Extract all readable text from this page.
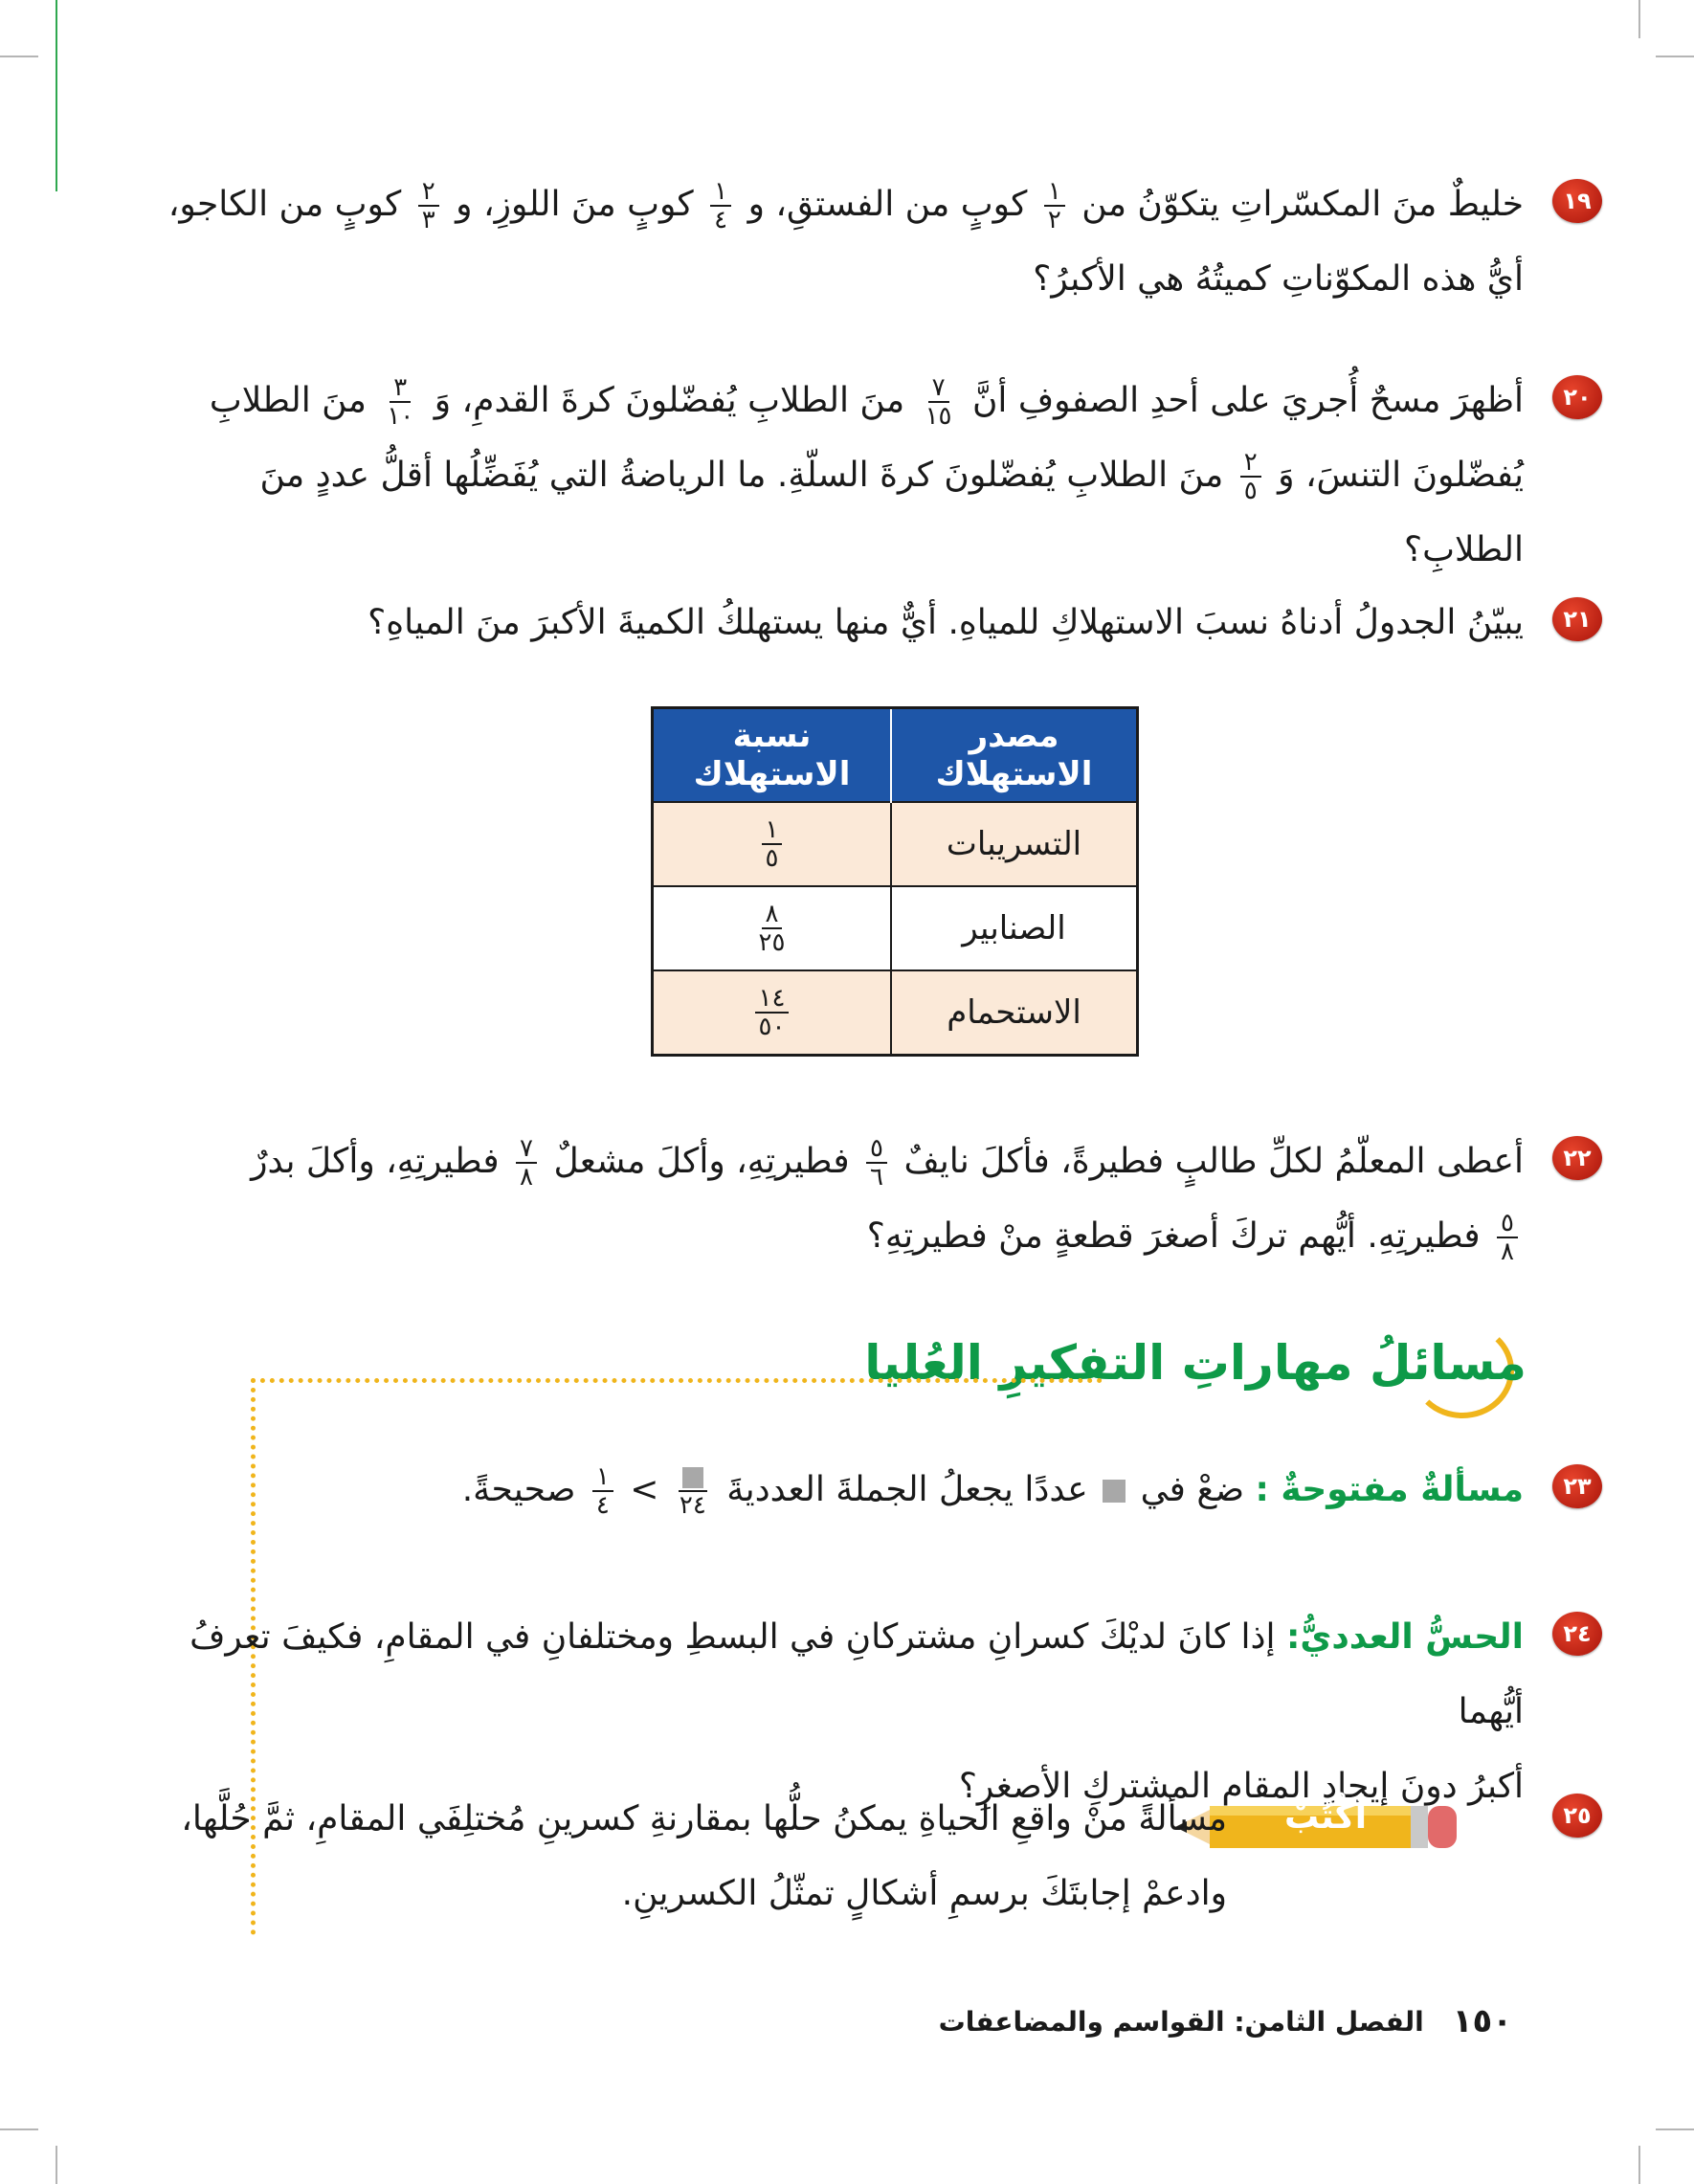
١٩
خليطٌ منَ المكسّراتِ يتكوّنُ من
$\frac{١}{٢}$
كوبٍ من الفستقِ، و
$\frac{١}{٤}$
كوبٍ منَ اللوزِ، و
$\frac{٢}{٣}$
كوبٍ من الكاجو،
أيُّ هذه المكوّناتِ كميتُهُ هي الأكبرُ؟
٢٠
أظهرَ مسحٌ أُجريَ على أحدِ الصفوفِ أنَّ
$\frac{٧}{١٥}$
منَ الطلابِ يُفضّلونَ كرةَ القدمِ، وَ
$\frac{٣}{١٠}$
منَ الطلابِ
يُفضّلونَ التنسَ، وَ
$\frac{٢}{٥}$
منَ الطلابِ يُفضّلونَ كرةَ السلّةِ. ما الرياضةُ التي يُفَضِّلُها أقلُّ عددٍ منَ الطلابِ؟
٢١
يبيّنُ الجدولُ أدناهُ نسبَ الاستهلاكِ للمياهِ. أيٌّ منها يستهلكُ الكميةَ الأكبرَ منَ المياهِ؟
مصدر الاستهلاك	نسبة الاستهلاك
التسريبات	$\frac{١}{٥}$

الصنابير	$\frac{٨}{٢٥}$

الاستحمام	$\frac{١٤}{٥٠}$
٢٢
أعطى المعلّمُ لكلِّ طالبٍ فطيرةً، فأكلَ نايفٌ
$\frac{٥}{٦}$
فطيرتِهِ، وأكلَ مشعلٌ
$\frac{٧}{٨}$
فطيرتِهِ، وأكلَ بدرٌ
$\frac{٥}{٨}$
فطيرتِهِ. أيُّهم تركَ أصغرَ قطعةٍ منْ فطيرتِهِ؟
مسائلُ مهاراتِ التفكيرِ العُليا
٢٣
مسألةٌ مفتوحةٌ : ضعْ في  عددًا يجعلُ الجملةَ العدديةَ
٢٤
>
$\frac{١}{٤}$
صحيحةً.
٢٤
الحسُّ العدديُّ: إذا كانَ لديْكَ كسرانِ مشتركانِ في البسطِ ومختلفانِ في المقامِ، فكيفَ تعرفُ أيُّهما
أكبرُ دونَ إيجادِ المقامِ المشتركِ الأصغرِ؟
٢٥
مسألةً منْ واقعِ الحياةِ يمكنُ حلُّها بمقارنةِ كسرينِ مُختلِفَي المقامِ، ثمَّ حُلَّها،
وادعمْ إجابتَكَ برسمِ أشكالٍ تمثّلُ الكسرينِ.
أكْتُبْ
١٥٠
الفصل الثامن: القواسم والمضاعفات
